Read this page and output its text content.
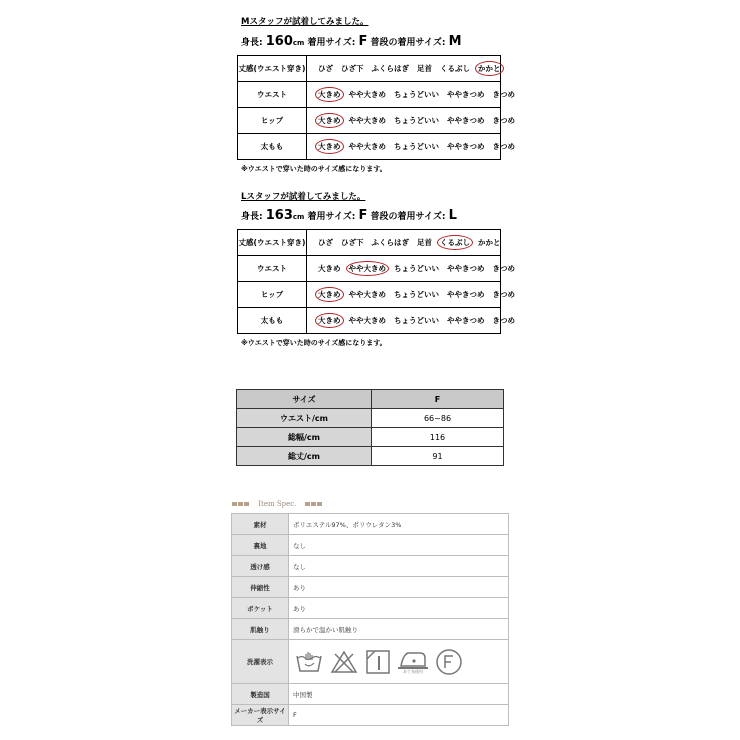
Mスタッフが試着してみました。
身長: 160cm 着用サイズ: F 普段の着用サイズ: M
丈感(ウエスト穿き)	ひざ ひざ下 ふくらはぎ 足首 くるぶし かかと
ウエスト	大きめ やや大きめ ちょうどいい ややきつめ きつめ
ヒップ	大きめ やや大きめ ちょうどいい ややきつめ きつめ
太もも	大きめ やや大きめ ちょうどいい ややきつめ きつめ
※ウエストで穿いた時のサイズ感になります。
Lスタッフが試着してみました。
身長: 163cm 着用サイズ: F 普段の着用サイズ: L
丈感(ウエスト穿き)	ひざ ひざ下 ふくらはぎ 足首 くるぶし かかと
ウエスト	大きめ やや大きめ ちょうどいい ややきつめ きつめ
ヒップ	大きめ やや大きめ ちょうどいい ややきつめ きつめ
太もも	大きめ やや大きめ ちょうどいい ややきつめ きつめ
※ウエストで穿いた時のサイズ感になります。
サイズ	F
ウエスト/cm	66~86
総幅/cm	116
総丈/cm	91
Item Spec.
素材	ポリエステル97%、ポリウレタン3%
裏地	なし
透け感	なし
伸縮性	あり
ポケット	あり
肌触り	滑らかで温かい肌触り
洗濯表示	あて布使用

製造国	中国製
メーカー表示サイズ	F
